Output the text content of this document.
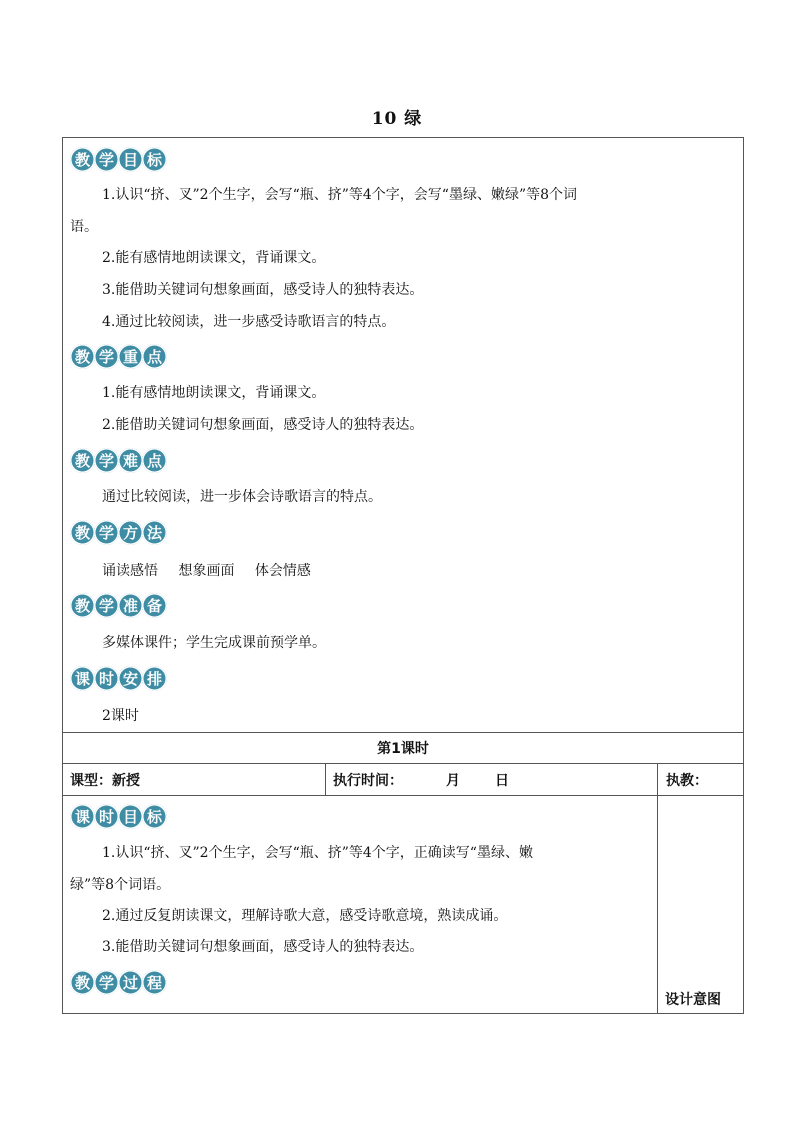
10 绿
教 学 目 标
1.认识“挤、叉”2个生字，会写“瓶、挤”等4个字，会写“墨绿、嫩绿”等8个词
语。
2.能有感情地朗读课文，背诵课文。
3.能借助关键词句想象画面，感受诗人的独特表达。
4.通过比较阅读，进一步感受诗歌语言的特点。
教 学 重 点
1.能有感情地朗读课文，背诵课文。
2.能借助关键词句想象画面，感受诗人的独特表达。
教 学 难 点
通过比较阅读，进一步体会诗歌语言的特点。
教 学 方 法
诵读感悟 想象画面 体会情感
教 学 准 备
多媒体课件；学生完成课前预学单。
课 时 安 排
2课时
第1课时
课型：新授	执行时间：	月	日	执教：
课 时 目 标
1.认识“挤、叉”2个生字，会写“瓶、挤”等4个字，正确读写“墨绿、嫩
绿”等8个词语。
2.通过反复朗读课文，理解诗歌大意，感受诗歌意境，熟读成诵。
3.能借助关键词句想象画面，感受诗人的独特表达。
教 学 过 程
设计意图
